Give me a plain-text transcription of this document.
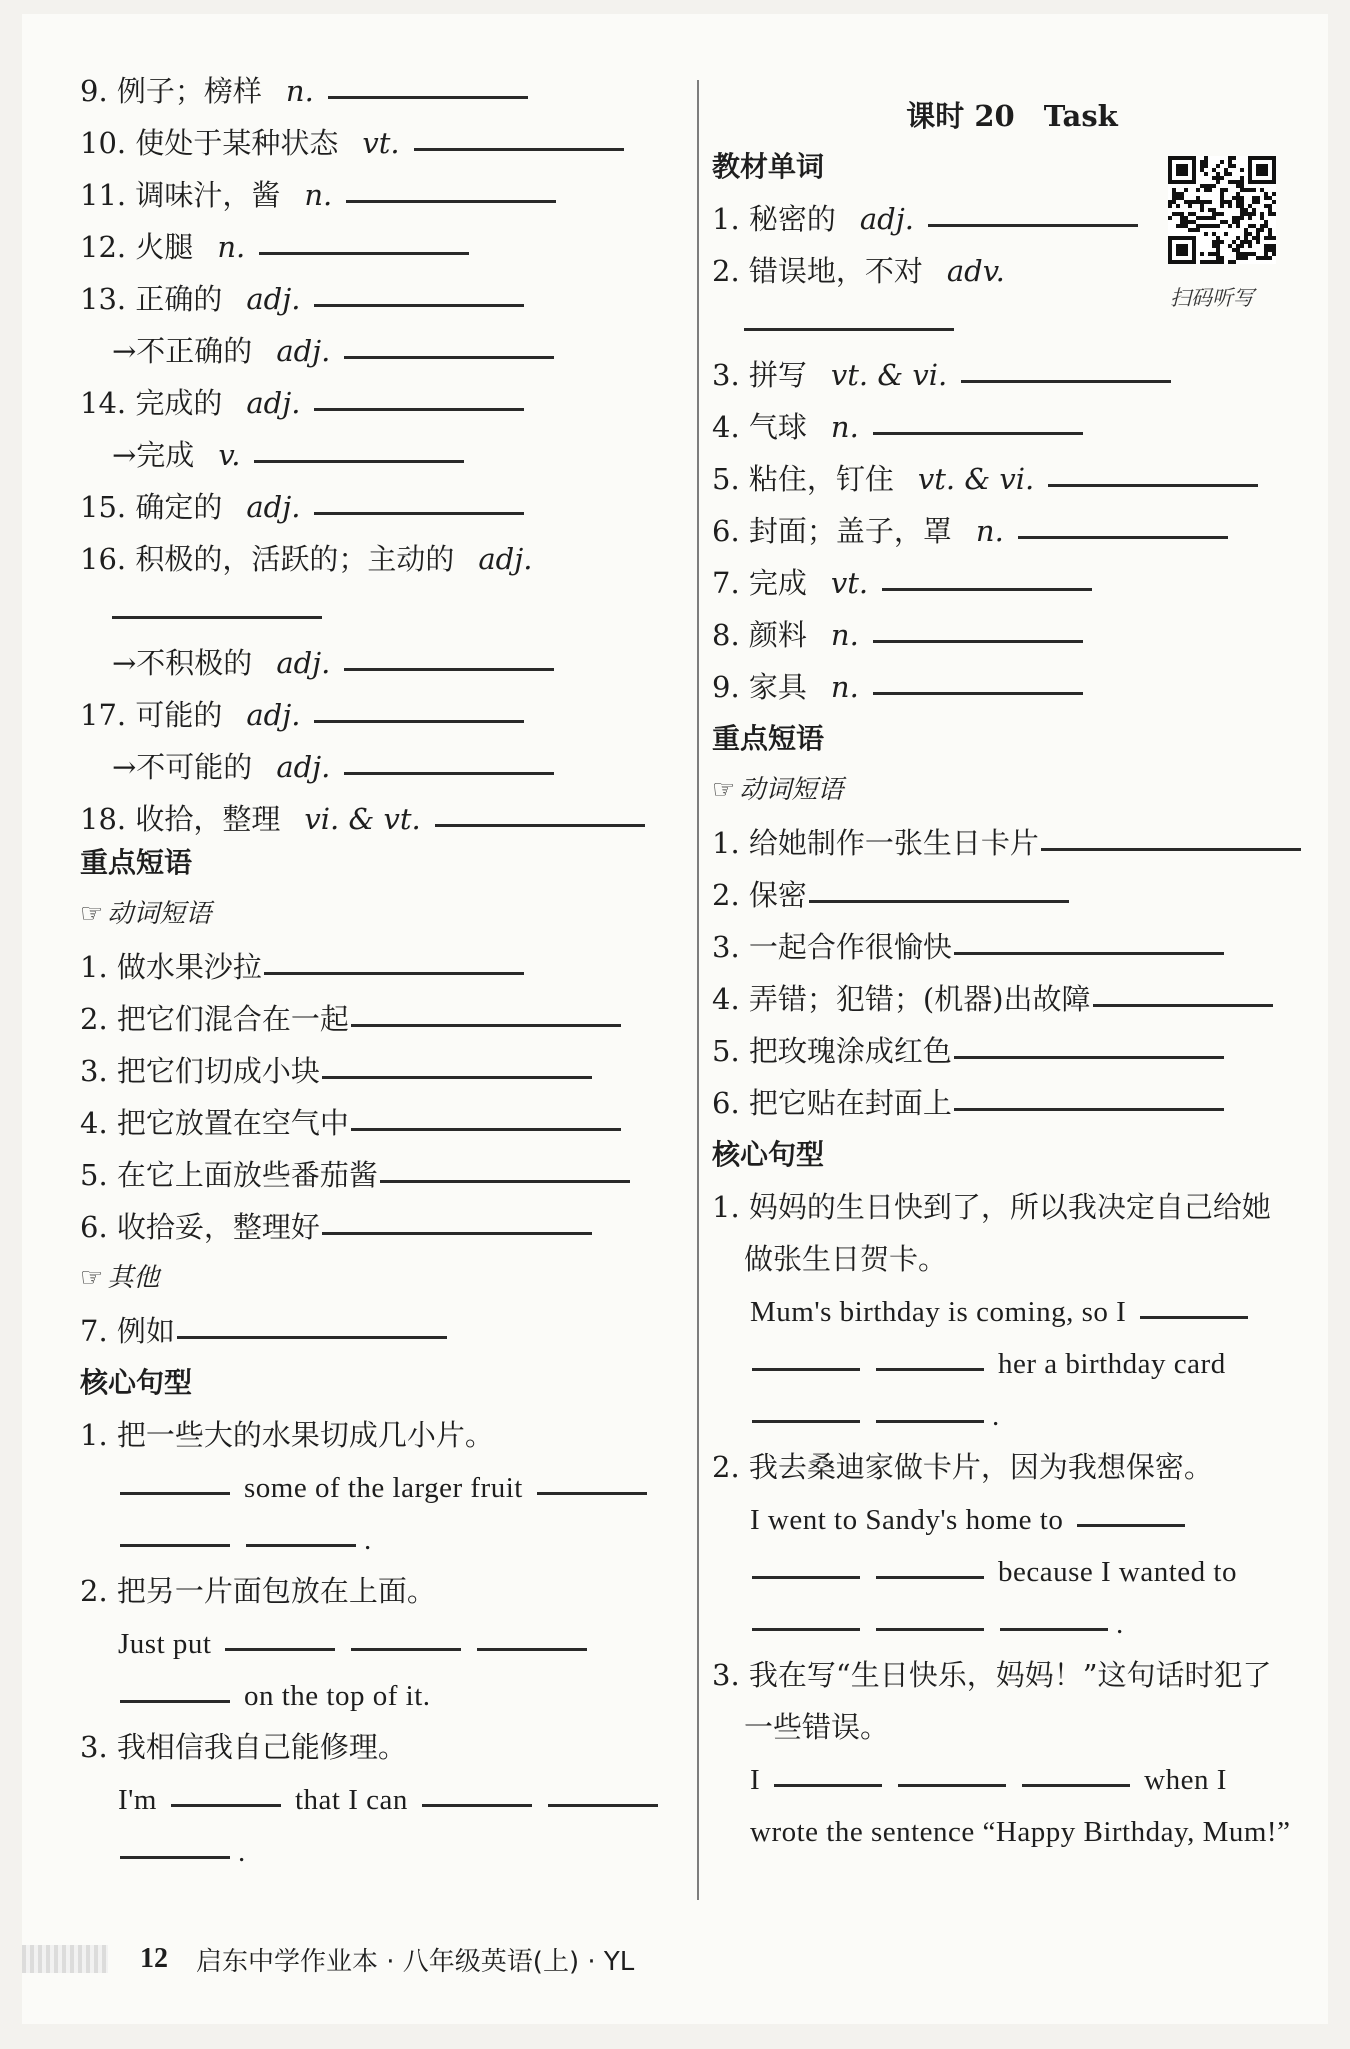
9. 例子；榜样 n.
10. 使处于某种状态 vt.
11. 调味汁，酱 n.
12. 火腿 n.
13. 正确的 adj.
→不正确的 adj.
14. 完成的 adj.
→完成 v.
15. 确定的 adj.
16. 积极的，活跃的；主动的 adj.
→不积极的 adj.
17. 可能的 adj.
→不可能的 adj.
18. 收拾，整理 vi. & vt.
重点短语
☞ 动词短语
1. 做水果沙拉
2. 把它们混合在一起
3. 把它们切成小块
4. 把它放置在空气中
5. 在它上面放些番茄酱
6. 收拾妥，整理好
☞ 其他
7. 例如
核心句型
1. 把一些大的水果切成几小片。
some of the larger fruit
.
2. 把另一片面包放在上面。
Just put
on the top of it.
3. 我相信我自己能修理。
I'm	that I can
.
课时 20　Task
教材单词
1. 秘密的 adj.
2. 错误地，不对 adv.
3. 拼写 vt. & vi.
4. 气球 n.
5. 粘住，钉住 vt. & vi.
6. 封面；盖子，罩 n.
7. 完成 vt.
8. 颜料 n.
9. 家具 n.
重点短语
☞ 动词短语
1. 给她制作一张生日卡片
2. 保密
3. 一起合作很愉快
4. 弄错；犯错；(机器)出故障
5. 把玫瑰涂成红色
6. 把它贴在封面上
核心句型
1. 妈妈的生日快到了，所以我决定自己给她
做张生日贺卡。
Mum's birthday is coming, so I
her a birthday card
.
2. 我去桑迪家做卡片，因为我想保密。
I went to Sandy's home to
because I wanted to
.
3. 我在写“生日快乐，妈妈！”这句话时犯了
一些错误。
I	when I
wrote the sentence “Happy Birthday, Mum!”
扫码听写
12 启东中学作业本 · 八年级英语(上) · YL
